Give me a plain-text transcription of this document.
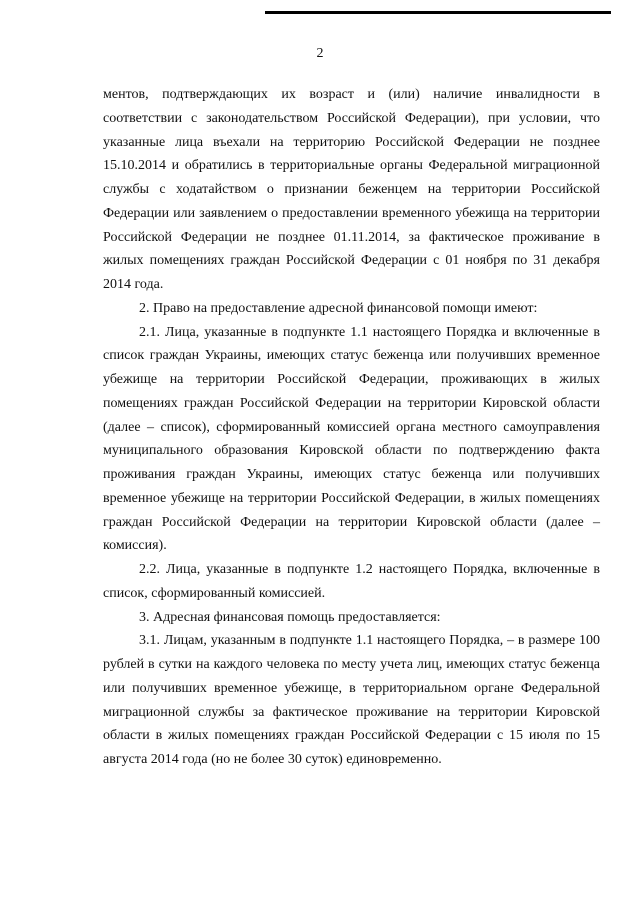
2

ментов, подтверждающих их возраст и (или) наличие инвалидности в соответствии с законодательством Российской Федерации), при условии, что указанные лица въехали на территорию Российской Федерации не позднее 15.10.2014 и обратились в территориальные органы Федеральной миграционной службы с ходатайством о признании беженцем на территории Российской Федерации или заявлением о предоставлении временного убежища на территории Российской Федерации не позднее 01.11.2014, за фактическое проживание в жилых помещениях граждан Российской Федерации с 01 ноября по 31 декабря 2014 года.

2. Право на предоставление адресной финансовой помощи имеют:

2.1. Лица, указанные в подпункте 1.1 настоящего Порядка и включенные в список граждан Украины, имеющих статус беженца или получивших временное убежище на территории Российской Федерации, проживающих в жилых помещениях граждан Российской Федерации на территории Кировской области (далее – список), сформированный комиссией органа местного самоуправления муниципального образования Кировской области по подтверждению факта проживания граждан Украины, имеющих статус беженца или получивших временное убежище на территории Российской Федерации, в жилых помещениях граждан Российской Федерации на территории Кировской области (далее – комиссия).

2.2. Лица, указанные в подпункте 1.2 настоящего Порядка, включенные в список, сформированный комиссией.

3. Адресная финансовая помощь предоставляется:

3.1. Лицам, указанным в подпункте 1.1 настоящего Порядка, – в размере 100 рублей в сутки на каждого человека по месту учета лиц, имеющих статус беженца или получивших временное убежище, в территориальном органе Федеральной миграционной службы за фактическое проживание на территории Кировской области в жилых помещениях граждан Российской Федерации с 15 июля по 15 августа 2014 года (но не более 30 суток) единовременно.
